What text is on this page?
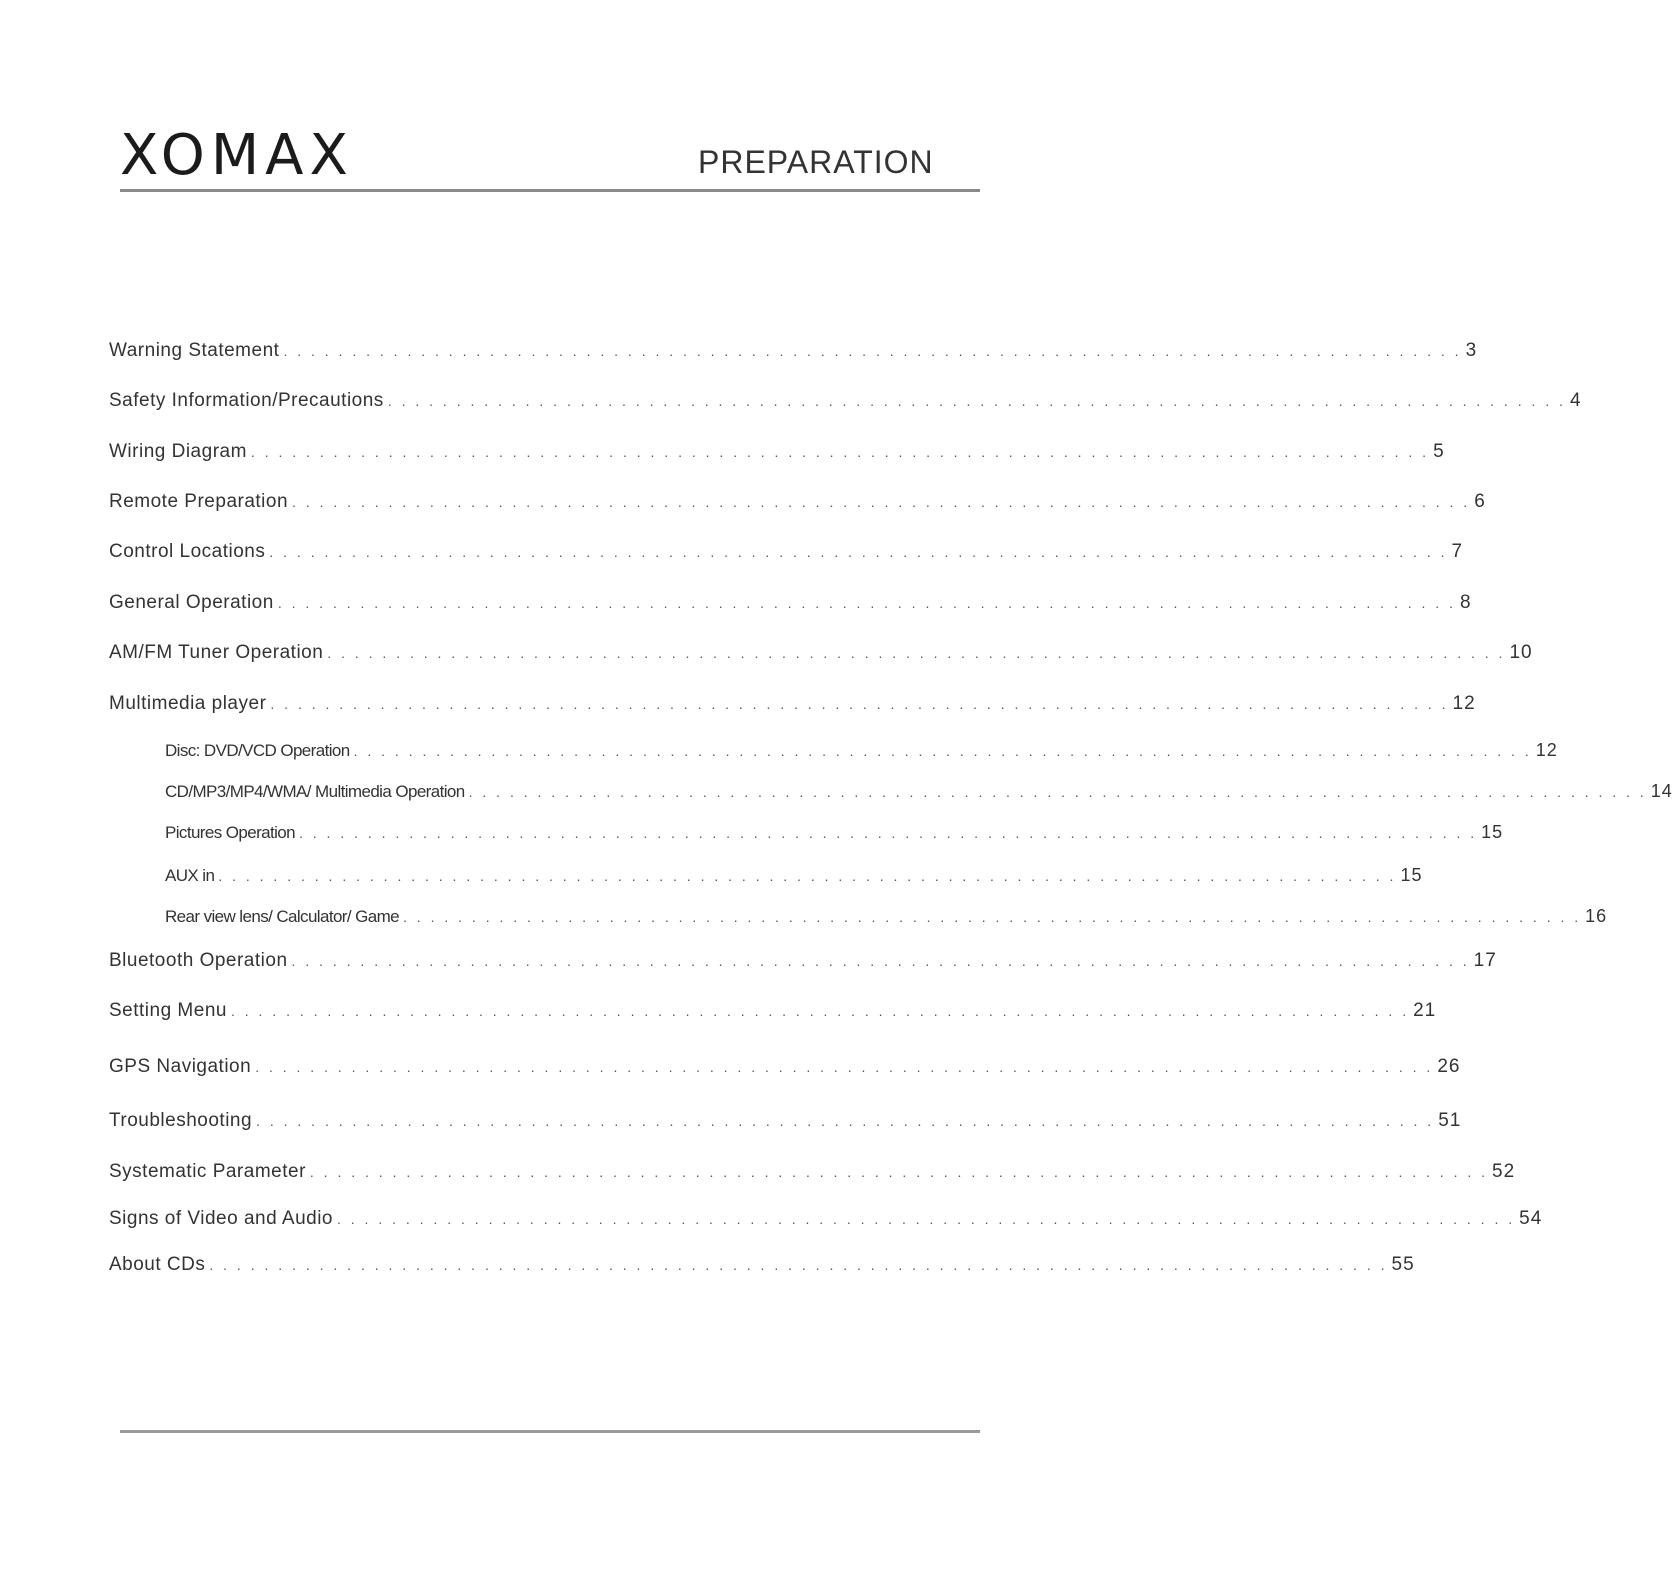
XOMAX	PREPARATION
Warning Statement . . . . . . . . . . . . . . . . . . . . . . . . . . . . . . . . . . . . . . . . . . . . . . . . . . . . . . . . . . . . . . . . . . . . . . . . . . . . . . . . . . . . . . 3
Safety Information/Precautions . . . . . . . . . . . . . . . . . . . . . . . . . . . . . . . . . . . . . . . . . . . . . . . . . . . . . . . . . . . . . . . . . . . . . . . . . . . . . . . . . . . . . . 4
Wiring Diagram . . . . . . . . . . . . . . . . . . . . . . . . . . . . . . . . . . . . . . . . . . . . . . . . . . . . . . . . . . . . . . . . . . . . . . . . . . . . . . . . . . . . . . 5
Remote Preparation . . . . . . . . . . . . . . . . . . . . . . . . . . . . . . . . . . . . . . . . . . . . . . . . . . . . . . . . . . . . . . . . . . . . . . . . . . . . . . . . . . . . . . 6
Control Locations . . . . . . . . . . . . . . . . . . . . . . . . . . . . . . . . . . . . . . . . . . . . . . . . . . . . . . . . . . . . . . . . . . . . . . . . . . . . . . . . . . . . . . 7
General Operation . . . . . . . . . . . . . . . . . . . . . . . . . . . . . . . . . . . . . . . . . . . . . . . . . . . . . . . . . . . . . . . . . . . . . . . . . . . . . . . . . . . . . . 8
AM/FM Tuner Operation . . . . . . . . . . . . . . . . . . . . . . . . . . . . . . . . . . . . . . . . . . . . . . . . . . . . . . . . . . . . . . . . . . . . . . . . . . . . . . . . . . . . . . 10
Multimedia player . . . . . . . . . . . . . . . . . . . . . . . . . . . . . . . . . . . . . . . . . . . . . . . . . . . . . . . . . . . . . . . . . . . . . . . . . . . . . . . . . . . . . . 12
Disc: DVD/VCD Operation . . . . . . . . . . . . . . . . . . . . . . . . . . . . . . . . . . . . . . . . . . . . . . . . . . . . . . . . . . . . . . . . . . . . . . . . . . . . . . . . . . . . . . 12
CD/MP3/MP4/WMA/ Multimedia Operation . . . . . . . . . . . . . . . . . . . . . . . . . . . . . . . . . . . . . . . . . . . . . . . . . . . . . . . . . . . . . . . . . . . . . . . . . . . . . . . . . . . . . . 14
Pictures Operation . . . . . . . . . . . . . . . . . . . . . . . . . . . . . . . . . . . . . . . . . . . . . . . . . . . . . . . . . . . . . . . . . . . . . . . . . . . . . . . . . . . . . . 15
AUX in . . . . . . . . . . . . . . . . . . . . . . . . . . . . . . . . . . . . . . . . . . . . . . . . . . . . . . . . . . . . . . . . . . . . . . . . . . . . . . . . . . . . . . 15
Rear view lens/ Calculator/ Game . . . . . . . . . . . . . . . . . . . . . . . . . . . . . . . . . . . . . . . . . . . . . . . . . . . . . . . . . . . . . . . . . . . . . . . . . . . . . . . . . . . . . . 16
Bluetooth Operation . . . . . . . . . . . . . . . . . . . . . . . . . . . . . . . . . . . . . . . . . . . . . . . . . . . . . . . . . . . . . . . . . . . . . . . . . . . . . . . . . . . . . . 17
Setting Menu . . . . . . . . . . . . . . . . . . . . . . . . . . . . . . . . . . . . . . . . . . . . . . . . . . . . . . . . . . . . . . . . . . . . . . . . . . . . . . . . . . . . . . 21
GPS Navigation . . . . . . . . . . . . . . . . . . . . . . . . . . . . . . . . . . . . . . . . . . . . . . . . . . . . . . . . . . . . . . . . . . . . . . . . . . . . . . . . . . . . . . 26
Troubleshooting . . . . . . . . . . . . . . . . . . . . . . . . . . . . . . . . . . . . . . . . . . . . . . . . . . . . . . . . . . . . . . . . . . . . . . . . . . . . . . . . . . . . . . 51
Systematic Parameter . . . . . . . . . . . . . . . . . . . . . . . . . . . . . . . . . . . . . . . . . . . . . . . . . . . . . . . . . . . . . . . . . . . . . . . . . . . . . . . . . . . . . . 52
Signs of Video and Audio . . . . . . . . . . . . . . . . . . . . . . . . . . . . . . . . . . . . . . . . . . . . . . . . . . . . . . . . . . . . . . . . . . . . . . . . . . . . . . . . . . . . . . 54
About CDs . . . . . . . . . . . . . . . . . . . . . . . . . . . . . . . . . . . . . . . . . . . . . . . . . . . . . . . . . . . . . . . . . . . . . . . . . . . . . . . . . . . . . . 55
